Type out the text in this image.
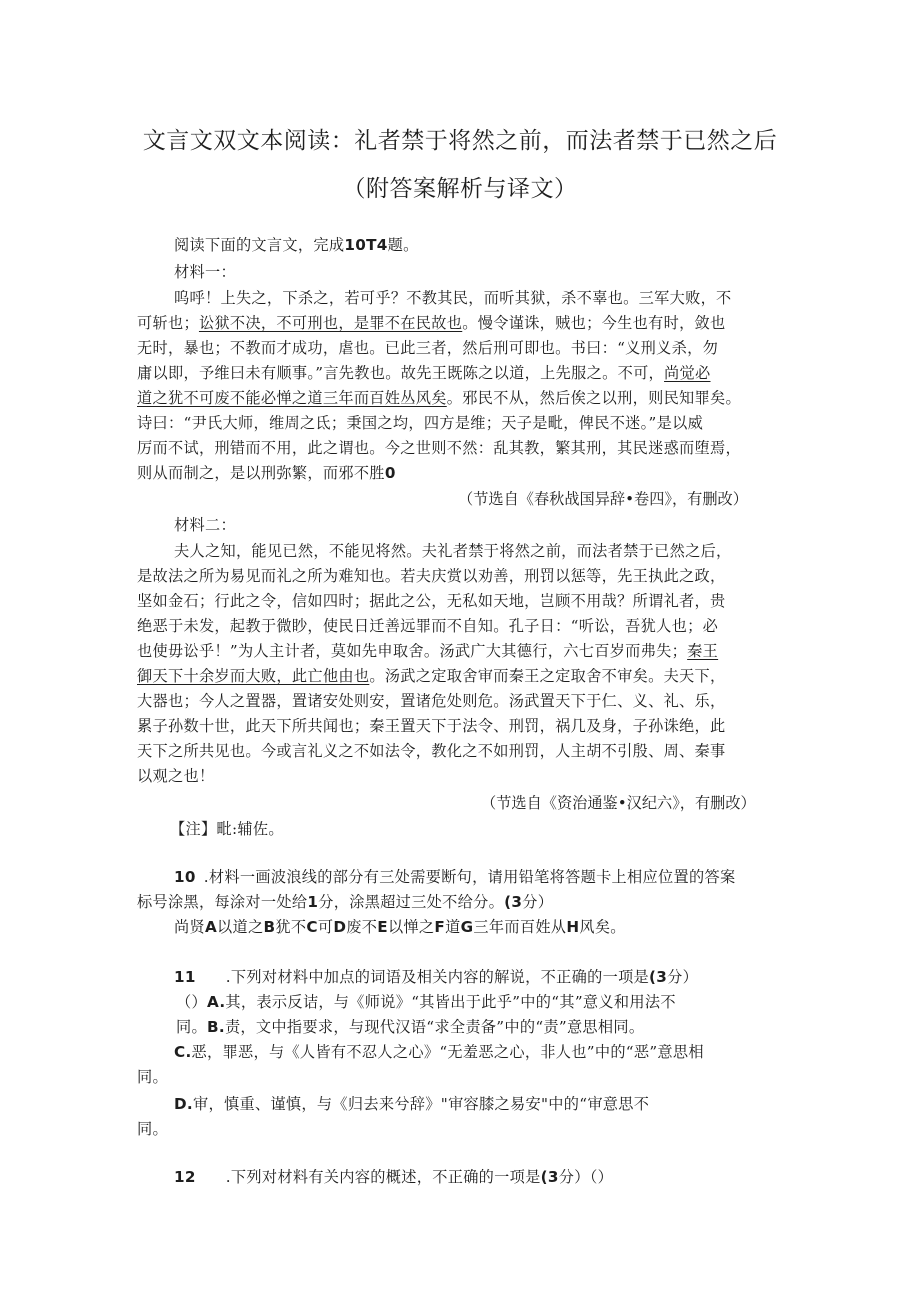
文言文双文本阅读：礼者禁于将然之前，而法者禁于已然之后
（附答案解析与译文）
阅读下面的文言文，完成10T4题。
材料一：
呜呼！上失之，下杀之，若可乎？不教其民，而听其狱，杀不辜也。三军大败，不
可斩也；讼狱不决，不可刑也，是罪不在民故也。慢令谨诛，贼也；今生也有时，敛也
无时，暴也；不教而才成功，虐也。已此三者，然后刑可即也。书曰：“义刑义杀，勿
庸以即，予维曰未有顺事。”言先教也。故先王既陈之以道，上先服之。不可，尚觉必
道之犹不可废不能必惮之道三年而百姓丛风矣。邪民不从，然后俟之以刑，则民知罪矣。
诗曰：“尹氏大师，维周之氐；秉国之均，四方是维；天子是毗，俾民不迷。”是以威
厉而不试，刑错而不用，此之谓也。今之世则不然：乱其教，繁其刑，其民迷惑而堕焉，
则从而制之，是以刑弥繁，而邪不胜0
（节选自《春秋战国异辞•卷四》，有删改）
材料二：
夫人之知，能见已然，不能见将然。夫礼者禁于将然之前，而法者禁于已然之后，
是故法之所为易见而礼之所为难知也。若夫庆赏以劝善，刑罚以惩等，先王执此之政，
坚如金石；行此之令，信如四时；据此之公，无私如天地，岂顾不用哉？所谓礼者，贵
绝恶于未发，起教于微眇，使民日迁善远罪而不自知。孔子日：“听讼，吾犹人也；必
也使毋讼乎！”为人主计者，莫如先申取舍。汤武广大其德行，六七百岁而弗失；秦王
御天下十余岁而大败，此亡他由也。汤武之定取舍审而秦王之定取舍不审矣。夫天下，
大器也；今人之置器，置诸安处则安，置诸危处则危。汤武置天下于仁、义、礼、乐，
累子孙数十世，此天下所共闻也；秦王置天下于法令、刑罚，祸几及身，子孙诛绝，此
天下之所共见也。今或言礼义之不如法令，教化之不如刑罚，人主胡不引殷、周、秦事
以观之也！
（节选自《资治通鉴•汉纪六》，有删改）
【注】毗:辅佐。
10 .材料一画波浪线的部分有三处需要断句，请用铅笔将答题卡上相应位置的答案
标号涂黑，每涂对一处给1分，涂黑超过三处不给分。(3分）
尚贤A以道之B犹不C可D废不E以惮之F道G三年而百姓从H风矣。
11 .下列对材料中加点的词语及相关内容的解说，不正确的一项是(3分）
（）A.其，表示反诘，与《师说》“其皆出于此乎”中的“其”意义和用法不
同。B.责，文中指要求，与现代汉语“求全责备”中的“责”意思相同。
C.恶，罪恶，与《人皆有不忍人之心》“无羞恶之心，非人也”中的“恶”意思相
同。
D.审，慎重、谨慎，与《归去来兮辞》"审容膝之易安"中的“审意思不
同。
12 .下列对材料有关内容的概述，不正确的一项是(3分）（）
